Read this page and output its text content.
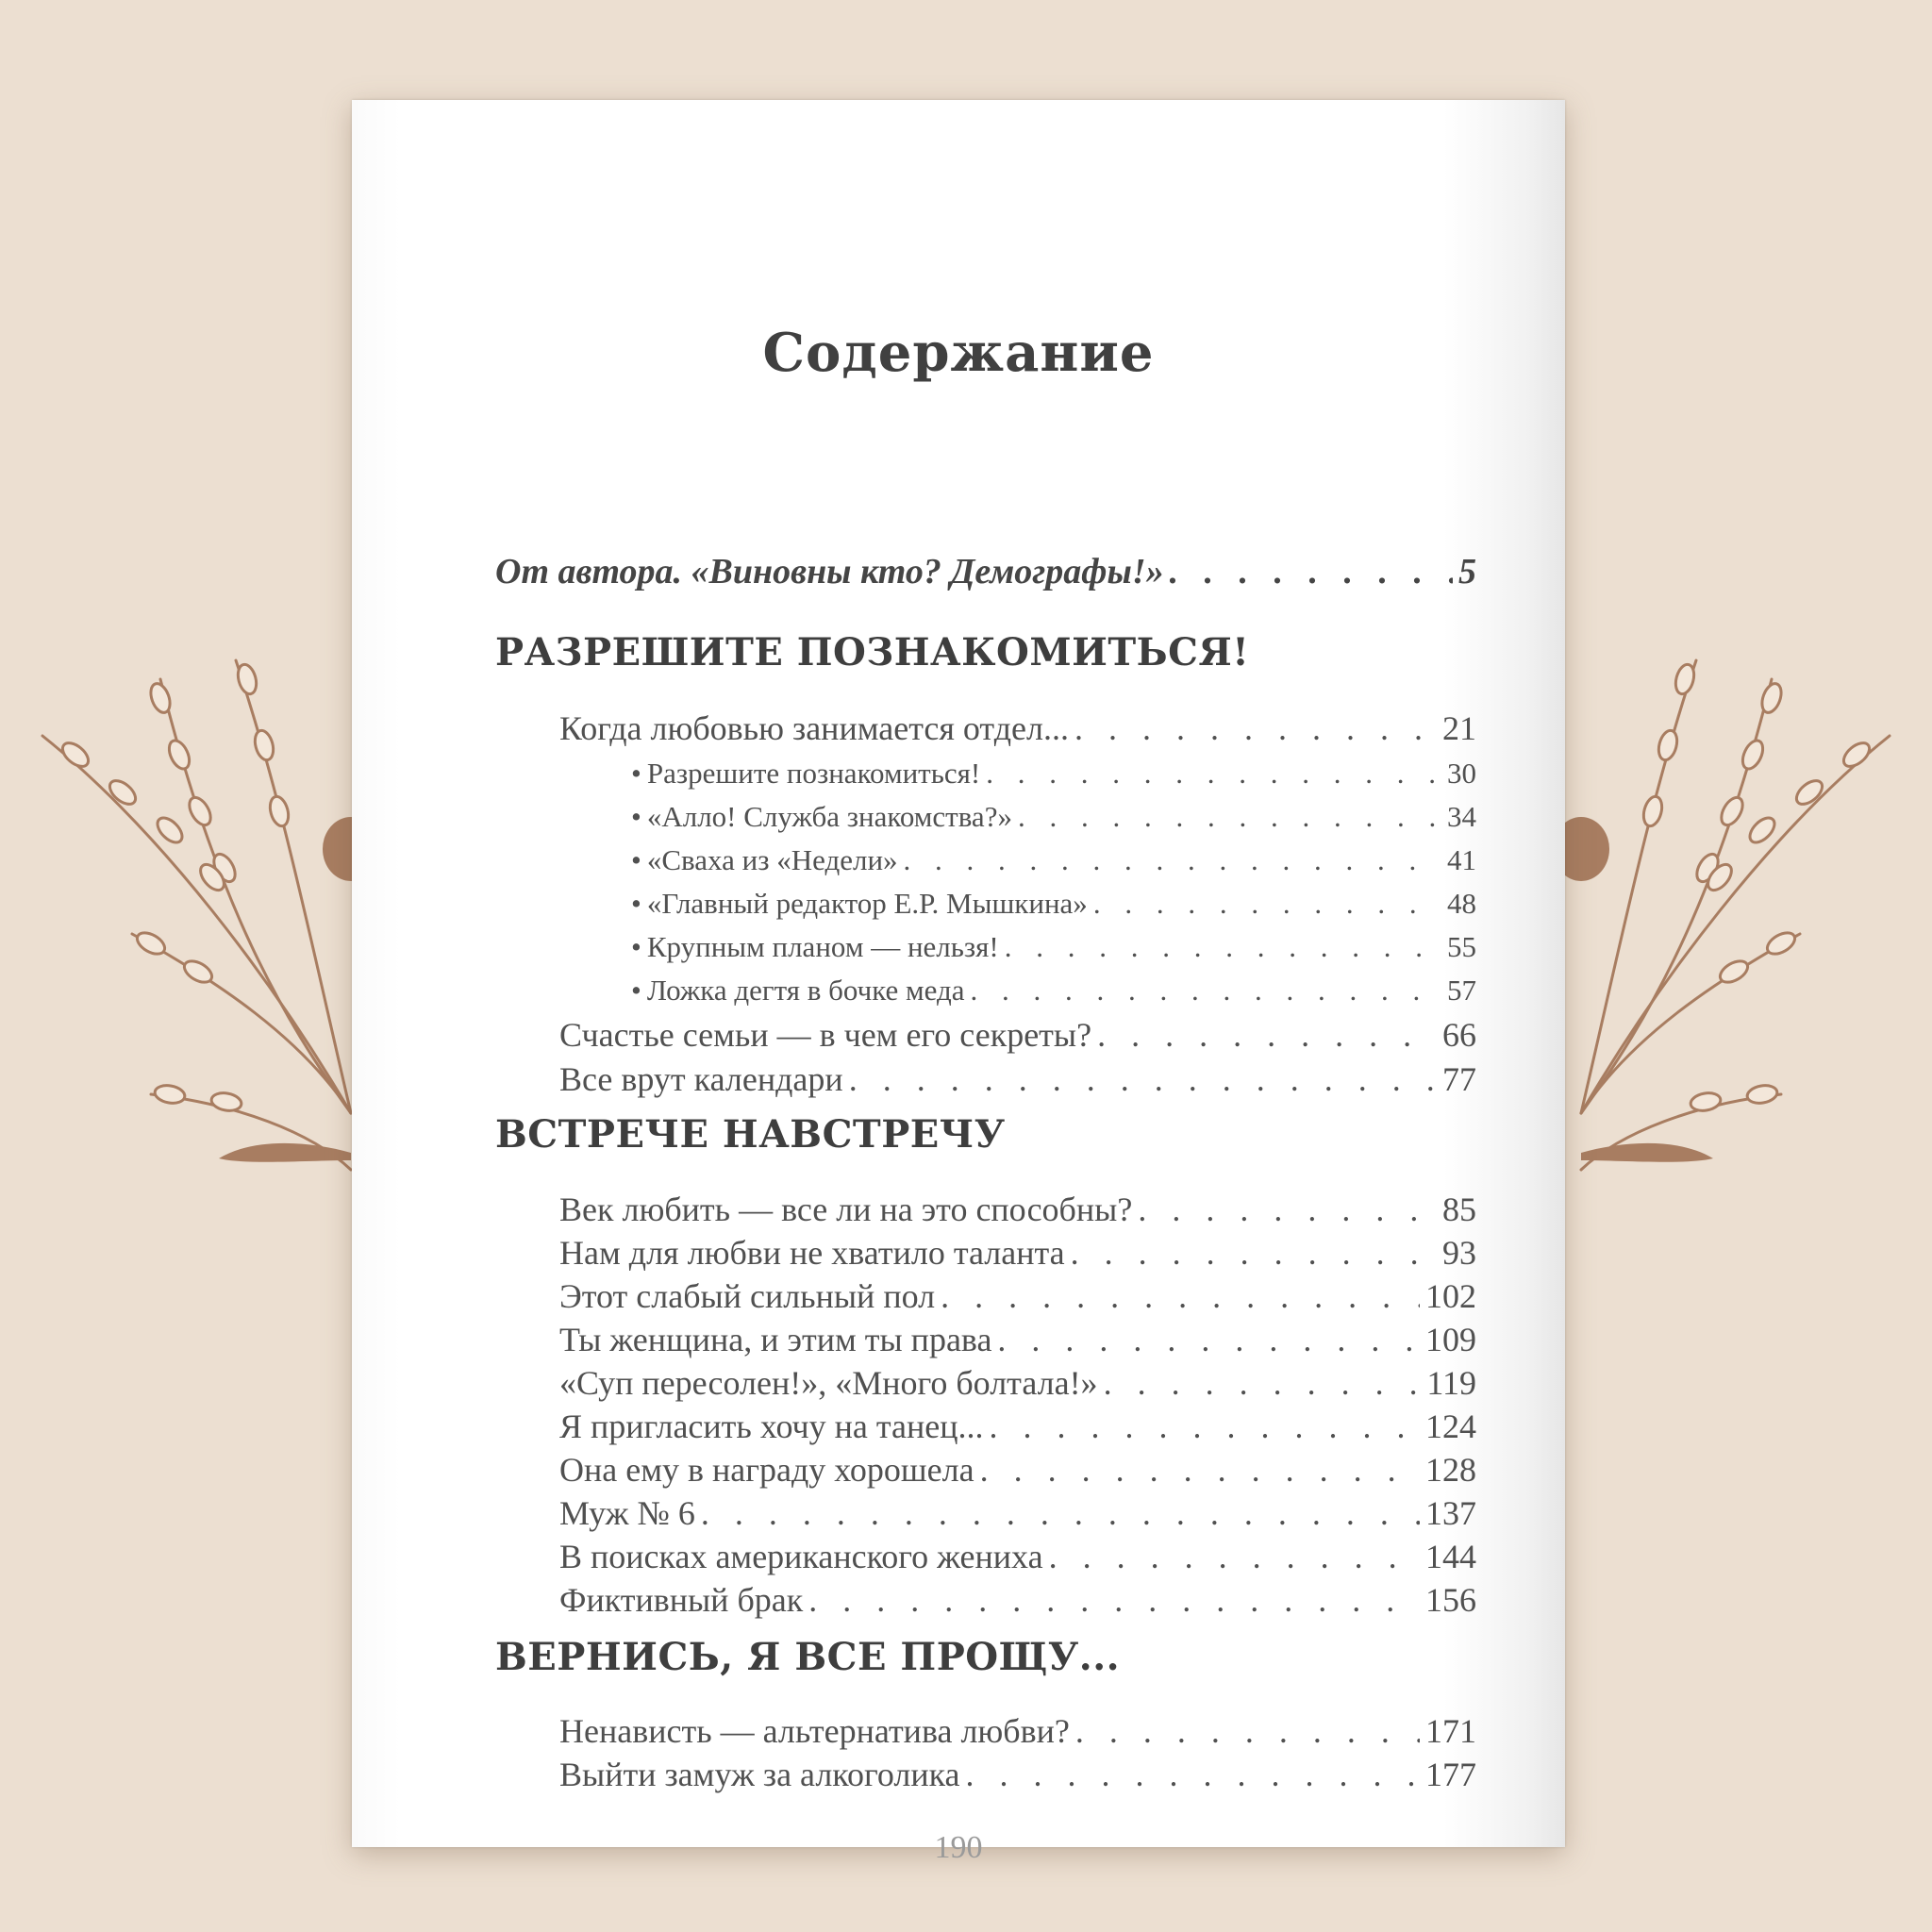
Содержание
От автора. «Виновны кто? Демографы!» . . .	5
РАЗРЕШИТЕ ПОЗНАКОМИТЬСЯ!
Когда любовью занимается отдел... . . .	21
• Разрешите познакомиться! . . .	30
• «Алло! Служба знакомства?» . . .	34
• «Сваха из «Недели» . . .	41
• «Главный редактор Е.Р. Мышкина» . . .	48
• Крупным планом — нельзя! . . .	55
• Ложка дегтя в бочке меда . . .	57
Счастье семьи — в чем его секреты? . . .	66
Все врут календари . . .	77
ВСТРЕЧЕ НАВСТРЕЧУ
Век любить — все ли на это способны? . . .	85
Нам для любви не хватило таланта . . .	93
Этот слабый сильный пол . . .	102
Ты женщина, и этим ты права . . .	109
«Суп пересолен!», «Много болтала!» . . .	119
Я пригласить хочу на танец... . . .	124
Она ему в награду хорошела . . .	128
Муж № 6 . . .	137
В поисках американского жениха . . .	144
Фиктивный брак . . .	156
ВЕРНИСЬ, Я ВСЕ ПРОЩУ...
Ненависть — альтернатива любви? . . .	171
Выйти замуж за алкоголика . . .	177
190
